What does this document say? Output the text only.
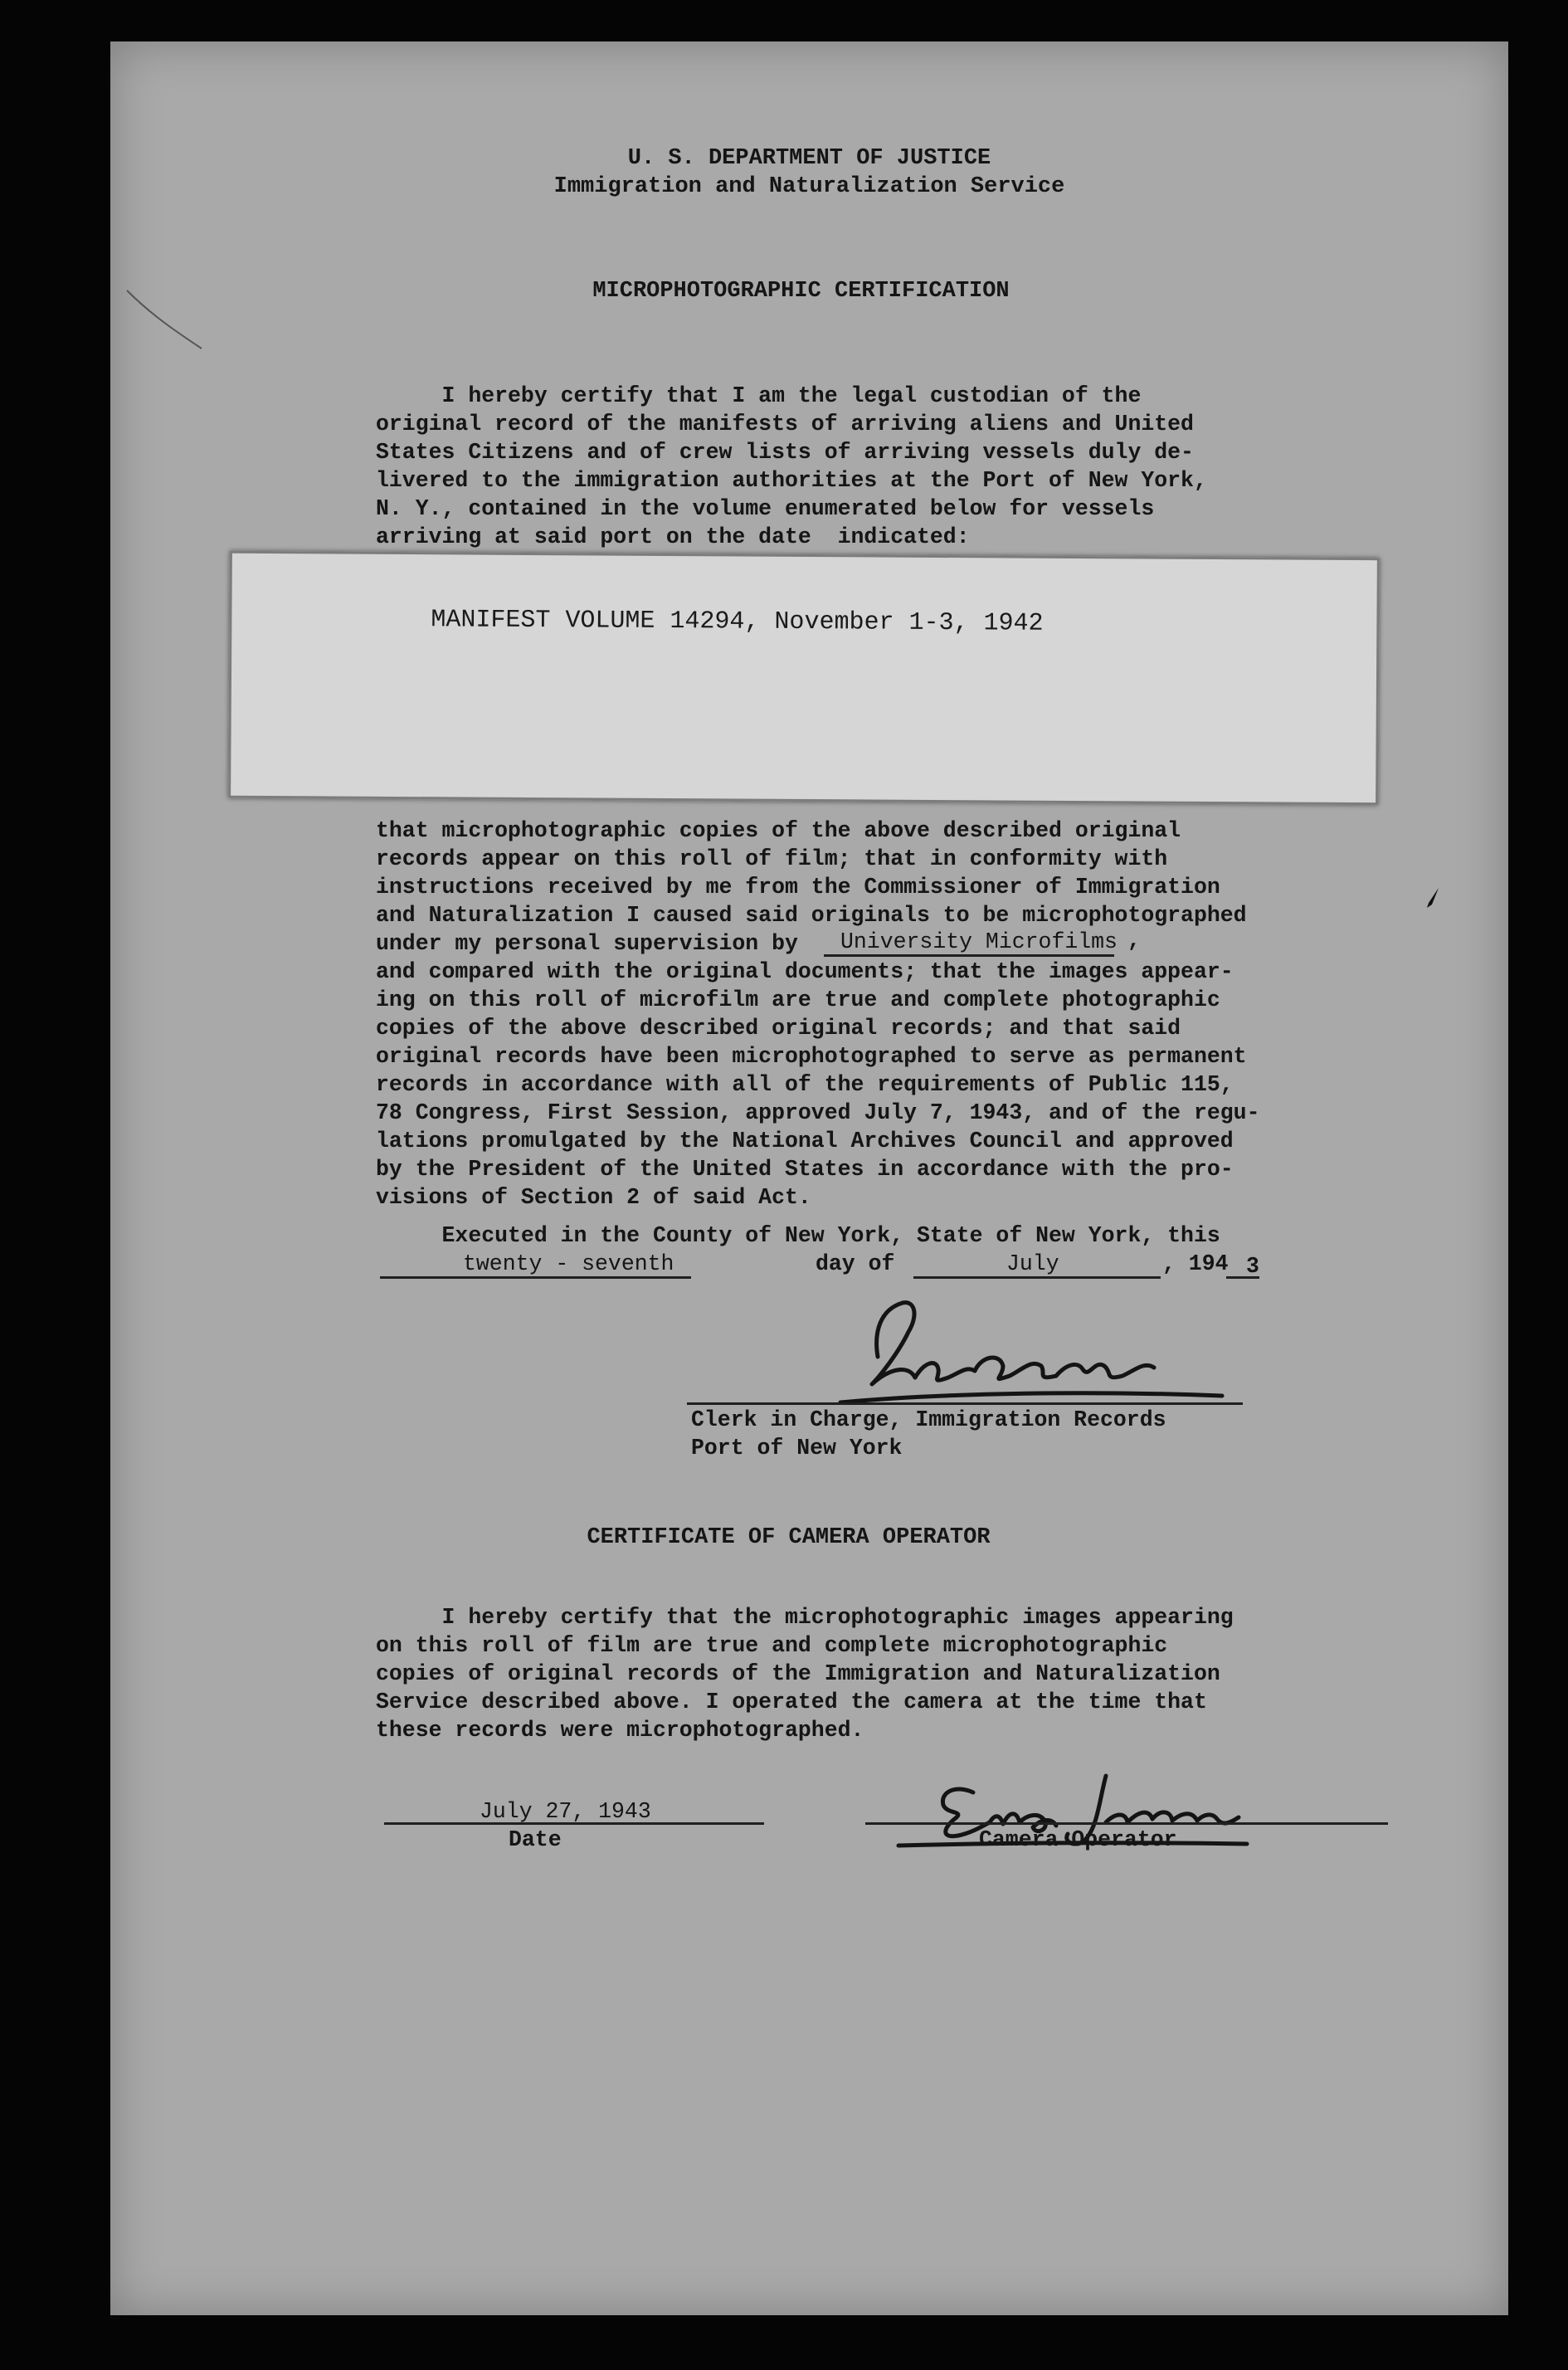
U. S. DEPARTMENT OF JUSTICE
Immigration and Naturalization Service
MICROPHOTOGRAPHIC CERTIFICATION
I hereby certify that I am the legal custodian of the
original record of the manifests of arriving aliens and United
States Citizens and of crew lists of arriving vessels duly de-
livered to the immigration authorities at the Port of New York,
N. Y., contained in the volume enumerated below for vessels
arriving at said port on the date  indicated:
MANIFEST VOLUME 14294, November 1-3, 1942
that microphotographic copies of the above described original
records appear on this roll of film; that in conformity with
instructions received by me from the Commissioner of Immigration
and Naturalization I caused said originals to be microphotographed
under my personal supervision by University Microfilms ,
and compared with the original documents; that the images appear-
ing on this roll of microfilm are true and complete photographic
copies of the above described original records; and that said
original records have been microphotographed to serve as permanent
records in accordance with all of the requirements of Public 115,
78 Congress, First Session, approved July 7, 1943, and of the regu-
lations promulgated by the National Archives Council and approved
by the President of the United States in accordance with the pro-
visions of Section 2 of said Act.
Executed in the County of New York, State of New York, this
twenty - seventh	day of	July	, 194 3
Clerk in Charge, Immigration Records
Port of New York
CERTIFICATE OF CAMERA OPERATOR
I hereby certify that the microphotographic images appearing
on this roll of film are true and complete microphotographic
copies of original records of the Immigration and Naturalization
Service described above. I operated the camera at the time that
these records were microphotographed.
July 27, 1943
Date	Camera Operator
